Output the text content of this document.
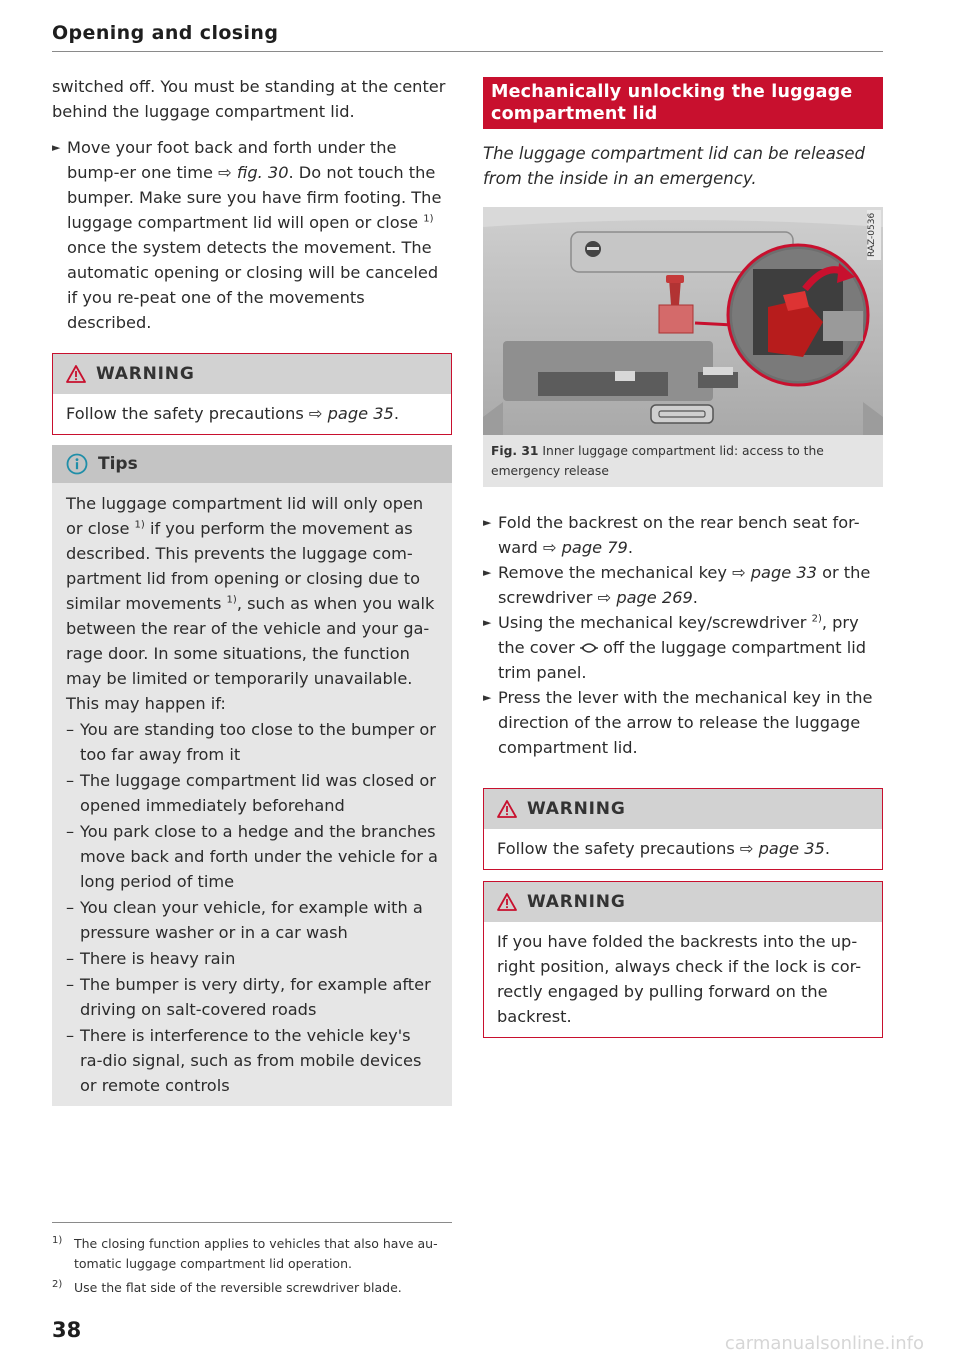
Opening and closing

switched off. You must be standing at the center behind the luggage compartment lid.

► Move your foot back and forth under the bump-er one time ⇨ fig. 30. Do not touch the bumper. Make sure you have firm footing. The luggage compartment lid will open or close $^{1)}$ once the system detects the movement. The automatic opening or closing will be canceled if you re-peat one of the movements described.
WARNING
Follow the safety precautions ⇨ page 35.
Tips

The luggage compartment lid will only open or close $^{1)}$ if you perform the movement as described. This prevents the luggage com-partment lid from opening or closing due to similar movements $^{1)}$, such as when you walk between the rear of the vehicle and your ga-rage door. In some situations, the function may be limited or temporarily unavailable. This may happen if:

– You are standing too close to the bumper or too far away from it
– The luggage compartment lid was closed or opened immediately beforehand
– You park close to a hedge and the branches move back and forth under the vehicle for a long period of time
– You clean your vehicle, for example with a pressure washer or in a car wash
– There is heavy rain
– The bumper is very dirty, for example after driving on salt-covered roads
– There is interference to the vehicle key's ra-dio signal, such as from mobile devices or remote controls
Mechanically unlocking the luggage compartment lid

The luggage compartment lid can be released from the inside in an emergency.

RAZ-0536
Fig. 31 Inner luggage compartment lid: access to the emergency release
► Fold the backrest on the rear bench seat for-ward ⇨ page 79.
► Remove the mechanical key ⇨ page 33 or the screwdriver ⇨ page 269.
► Using the mechanical key/screwdriver $^{2)}$, pry the cover  off the luggage compartment lid trim panel.
► Press the lever with the mechanical key in the direction of the arrow to release the luggage compartment lid.
WARNING
Follow the safety precautions ⇨ page 35.
WARNING
If you have folded the backrests into the up-right position, always check if the lock is cor-rectly engaged by pulling forward on the backrest.
1) The closing function applies to vehicles that also have au-tomatic luggage compartment lid operation.
2) Use the flat side of the reversible screwdriver blade.
38
carmanualsonline.info
